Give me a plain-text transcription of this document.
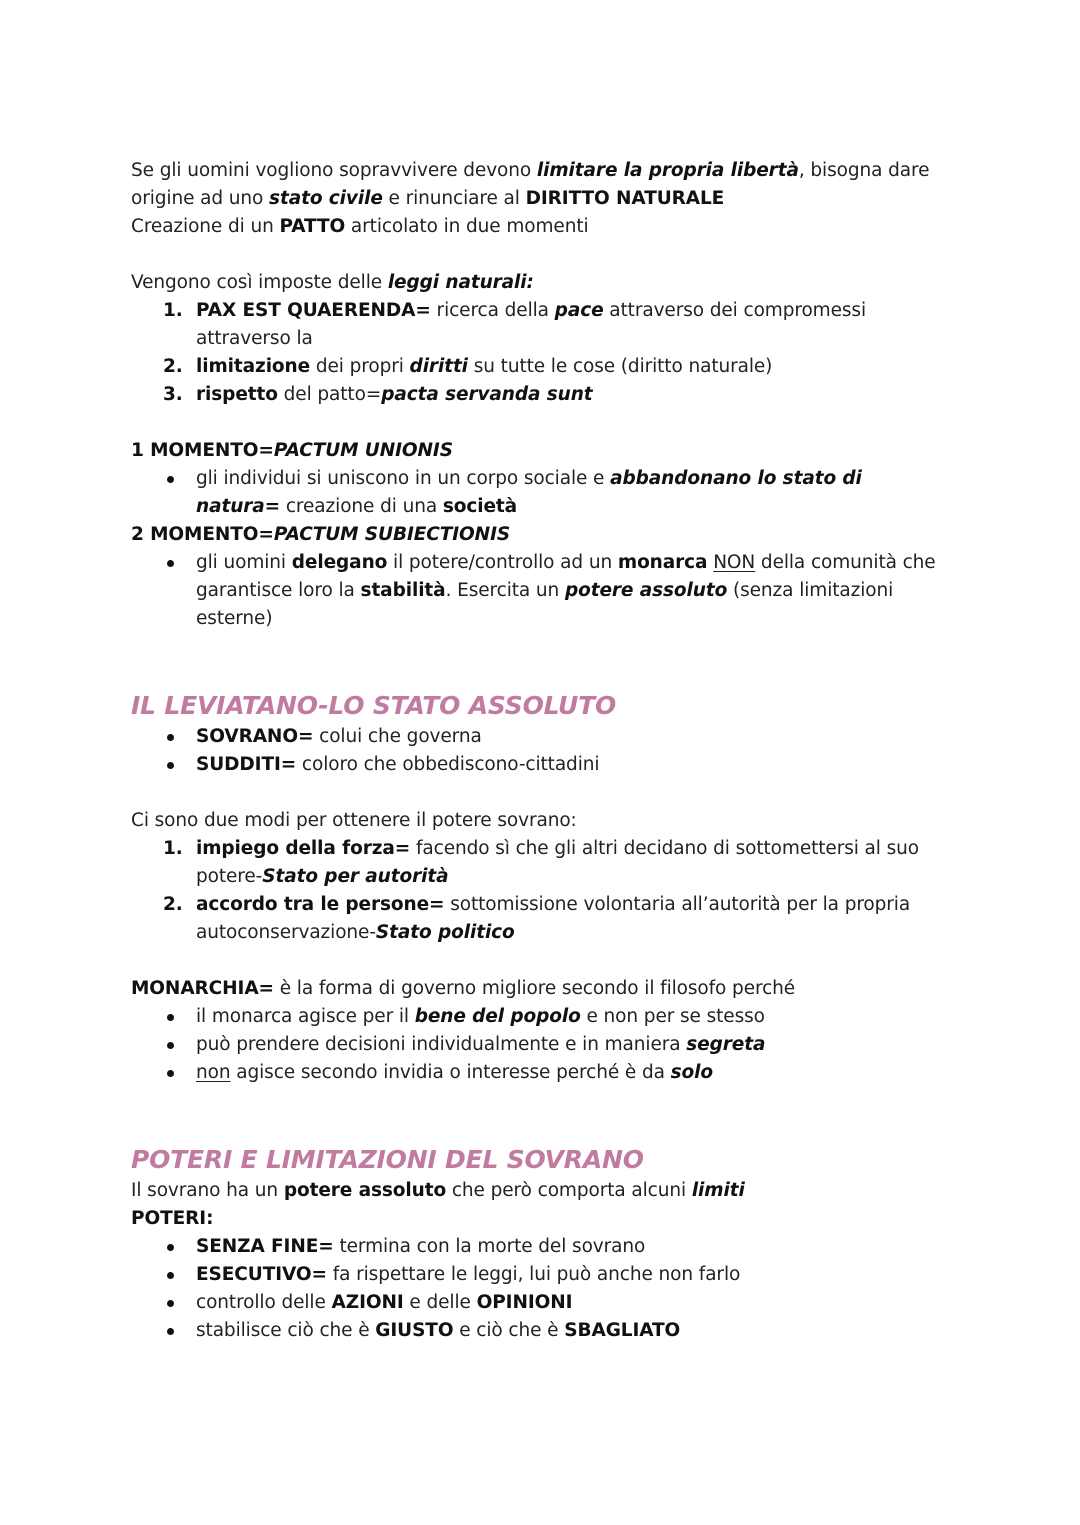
Se gli uomini vogliono sopravvivere devono limitare la propria libertà, bisogna dare origine ad uno stato civile e rinunciare al DIRITTO NATURALE

Creazione di un PATTO articolato in due momenti

Vengono così imposte delle leggi naturali:

1. PAX EST QUAERENDA= ricerca della pace attraverso dei compromessi attraverso la
2. limitazione dei propri diritti su tutte le cose (diritto naturale)
3. rispetto del patto=pacta servanda sunt

1 MOMENTO=PACTUM UNIONIS

gli individui si uniscono in un corpo sociale e abbandonano lo stato di natura= creazione di una società

2 MOMENTO=PACTUM SUBIECTIONIS

gli uomini delegano il potere/controllo ad un monarca NON della comunità che garantisce loro la stabilità. Esercita un potere assoluto (senza limitazioni esterne)
IL LEVIATANO-LO STATO ASSOLUTO
SOVRANO= colui che governa
SUDDITI= coloro che obbediscono-cittadini

Ci sono due modi per ottenere il potere sovrano:

1. impiego della forza= facendo sì che gli altri decidano di sottomettersi al suo potere-Stato per autorità
2. accordo tra le persone= sottomissione volontaria all’autorità per la propria autoconservazione-Stato politico

MONARCHIA= è la forma di governo migliore secondo il filosofo perché

il monarca agisce per il bene del popolo e non per se stesso
può prendere decisioni individualmente e in maniera segreta
non agisce secondo invidia o interesse perché è da solo
POTERI E LIMITAZIONI DEL SOVRANO

Il sovrano ha un potere assoluto che però comporta alcuni limiti

POTERI:

SENZA FINE= termina con la morte del sovrano
ESECUTIVO= fa rispettare le leggi, lui può anche non farlo
controllo delle AZIONI e delle OPINIONI
stabilisce ciò che è GIUSTO e ciò che è SBAGLIATO
